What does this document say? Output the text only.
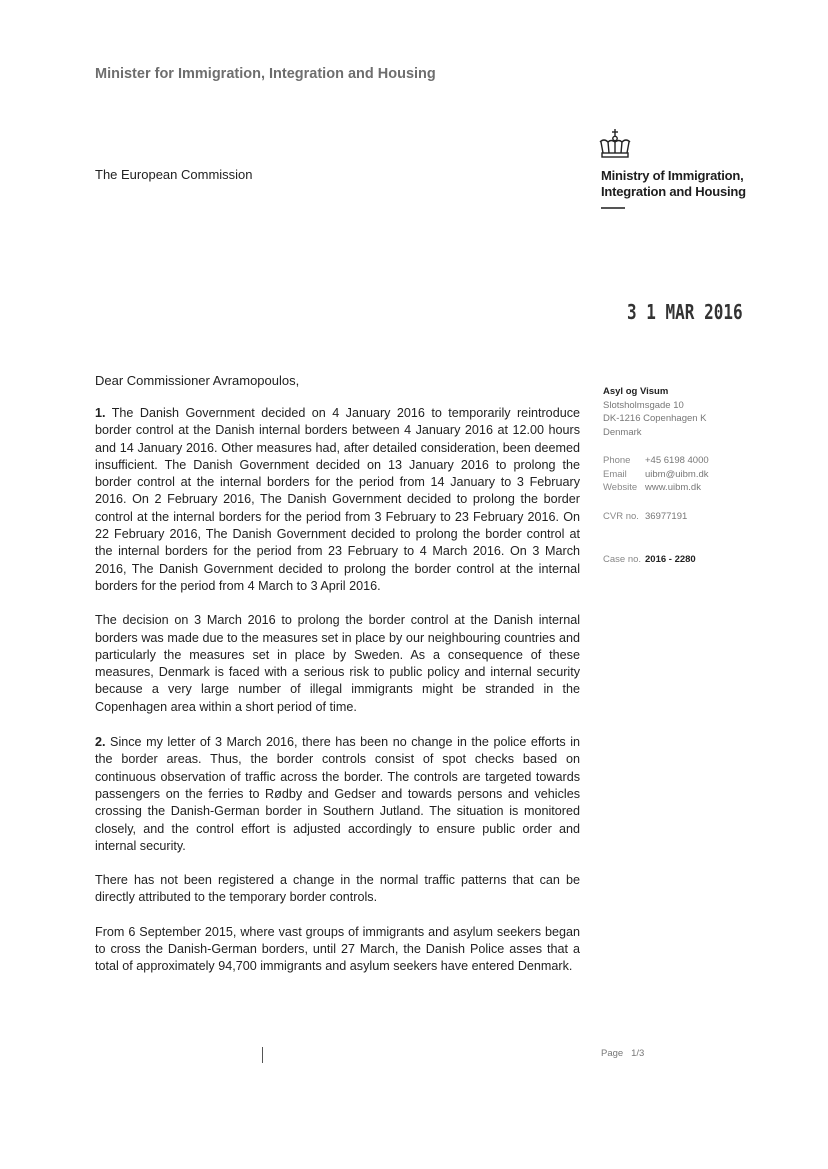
Minister for Immigration, Integration and Housing
The European Commission	Ministry of Immigration,
Integration and Housing
3 1 MAR 2016
Dear Commissioner Avramopoulos,

1. The Danish Government decided on 4 January 2016 to temporarily reintroduce border control at the Danish internal borders between 4 January 2016 at 12.00 hours and 14 January 2016. Other measures had, after detailed consideration, been deemed insufficient. The Danish Government decided on 13 January 2016 to prolong the border control at the internal borders for the period from 14 January to 3 February 2016. On 2 February 2016, The Danish Government decided to prolong the border control at the internal borders for the period from 3 February to 23 February 2016. On 22 February 2016, The Danish Government decided to prolong the border control at the internal borders for the period from 23 February to 4 March 2016. On 3 March 2016, The Danish Government decided to prolong the border control at the internal borders for the period from 4 March to 3 April 2016.

The decision on 3 March 2016 to prolong the border control at the Danish internal borders was made due to the measures set in place by our neighbouring countries and particularly the measures set in place by Sweden. As a consequence of these measures, Denmark is faced with a serious risk to public policy and internal security because a very large number of illegal immigrants might be stranded in the Copenhagen area within a short period of time.

2. Since my letter of 3 March 2016, there has been no change in the police efforts in the border areas. Thus, the border controls consist of spot checks based on continuous observation of traffic across the border. The controls are targeted towards passengers on the ferries to Rødby and Gedser and towards persons and vehicles crossing the Danish-German border in Southern Jutland. The situation is monitored closely, and the control effort is adjusted accordingly to ensure public order and internal security.

There has not been registered a change in the normal traffic patterns that can be directly attributed to the temporary border controls.

From 6 September 2015, where vast groups of immigrants and asylum seekers began to cross the Danish-German borders, until 27 March, the Danish Police asses that a total of approximately 94,700 immigrants and asylum seekers have entered Denmark.

Asyl og Visum
Slotsholmsgade 10
DK-1216 Copenhagen K
Denmark
Phone	+45 6198 4000
Email	uibm@uibm.dk
Website www.uibm.dk
CVR no. 36977191
Case no. 2016 - 2280
Page 1/3
